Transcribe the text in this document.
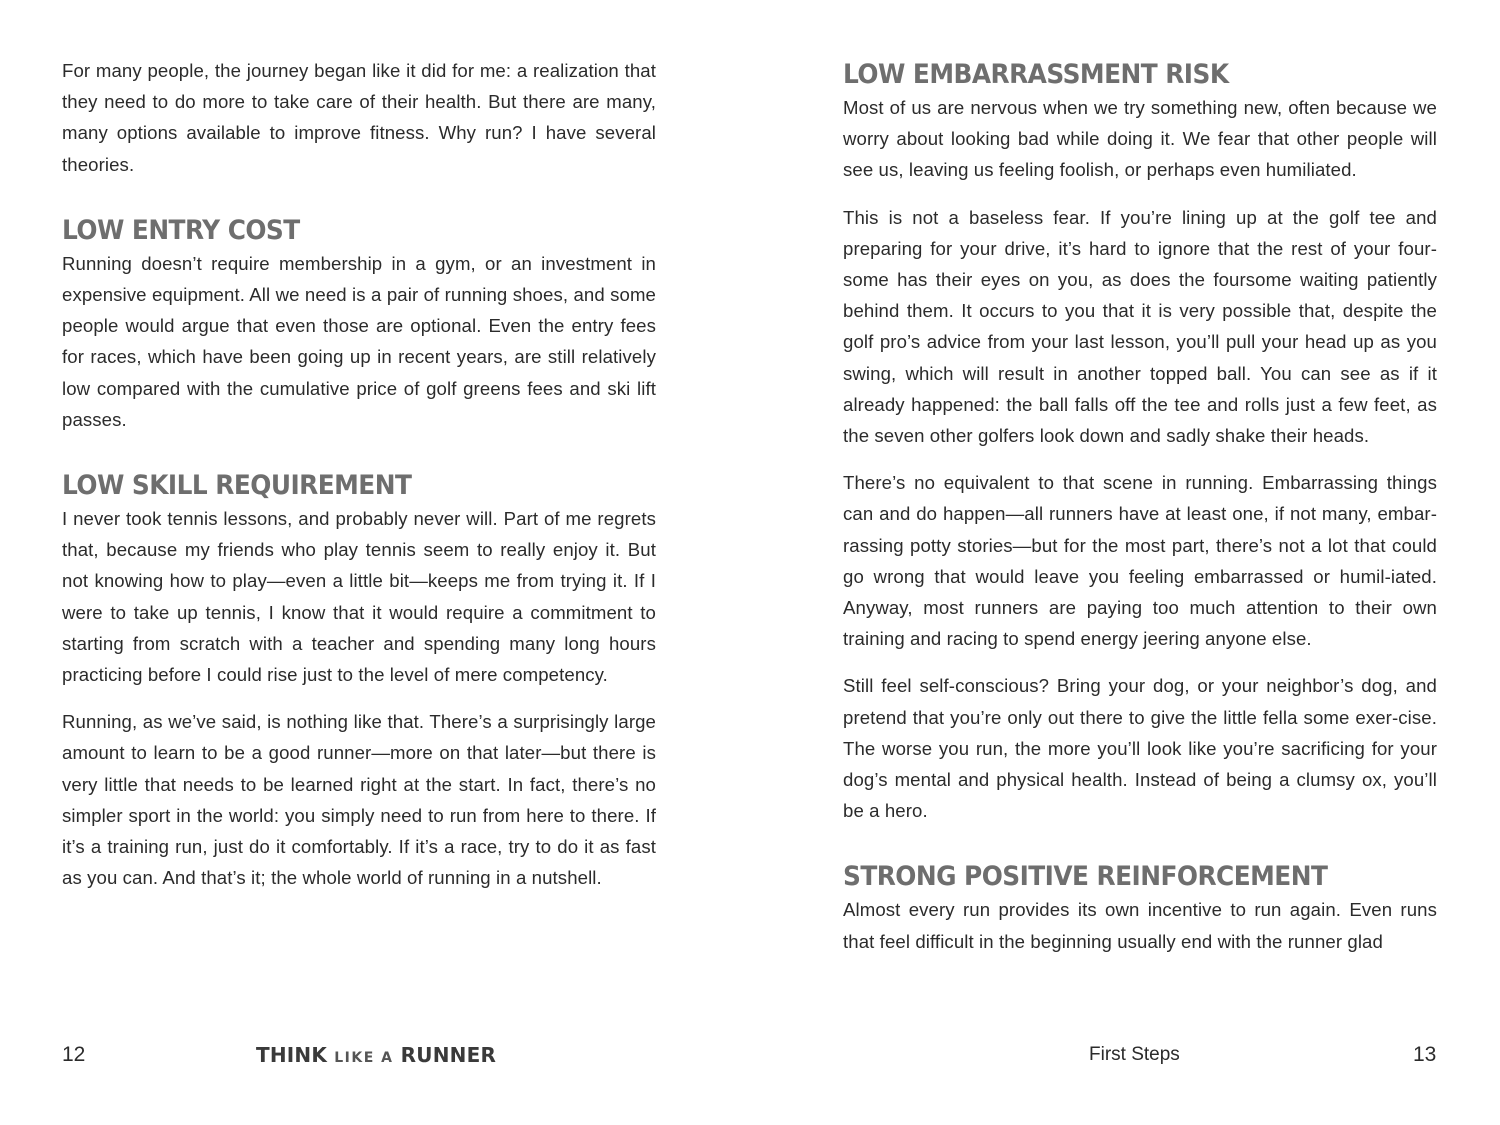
For many people, the journey began like it did for me: a realization that they need to do more to take care of their health. But there are many, many options available to improve fitness. Why run? I have several theories.

LOW ENTRY COST

Running doesn’t require membership in a gym, or an investment in expensive equipment. All we need is a pair of running shoes, and some people would argue that even those are optional. Even the entry fees for races, which have been going up in recent years, are still relatively low compared with the cumulative price of golf greens fees and ski lift passes.

LOW SKILL REQUIREMENT

I never took tennis lessons, and probably never will. Part of me regrets that, because my friends who play tennis seem to really enjoy it. But not knowing how to play—even a little bit—keeps me from trying it. If I were to take up tennis, I know that it would require a commitment to starting from scratch with a teacher and spending many long hours practicing before I could rise just to the level of mere competency.

Running, as we’ve said, is nothing like that. There’s a surprisingly large amount to learn to be a good runner—more on that later—but there is very little that needs to be learned right at the start. In fact, there’s no simpler sport in the world: you simply need to run from here to there. If it’s a training run, just do it comfortably. If it’s a race, try to do it as fast as you can. And that’s it; the whole world of running in a nutshell.

LOW EMBARRASSMENT RISK

Most of us are nervous when we try something new, often because we worry about looking bad while doing it. We fear that other people will see us, leaving us feeling foolish, or perhaps even humiliated.

This is not a baseless fear. If you’re lining up at the golf tee and preparing for your drive, it’s hard to ignore that the rest of your four-some has their eyes on you, as does the foursome waiting patiently behind them. It occurs to you that it is very possible that, despite the golf pro’s advice from your last lesson, you’ll pull your head up as you swing, which will result in another topped ball. You can see as if it already happened: the ball falls off the tee and rolls just a few feet, as the seven other golfers look down and sadly shake their heads.

There’s no equivalent to that scene in running. Embarrassing things can and do happen—all runners have at least one, if not many, embar-rassing potty stories—but for the most part, there’s not a lot that could go wrong that would leave you feeling embarrassed or humil-iated. Anyway, most runners are paying too much attention to their own training and racing to spend energy jeering anyone else.

Still feel self-conscious? Bring your dog, or your neighbor’s dog, and pretend that you’re only out there to give the little fella some exer-cise. The worse you run, the more you’ll look like you’re sacrificing for your dog’s mental and physical health. Instead of being a clumsy ox, you’ll be a hero.

STRONG POSITIVE REINFORCEMENT

Almost every run provides its own incentive to run again. Even runs that feel difficult in the beginning usually end with the runner glad

12	THINK LIKE A RUNNER	First Steps	13
